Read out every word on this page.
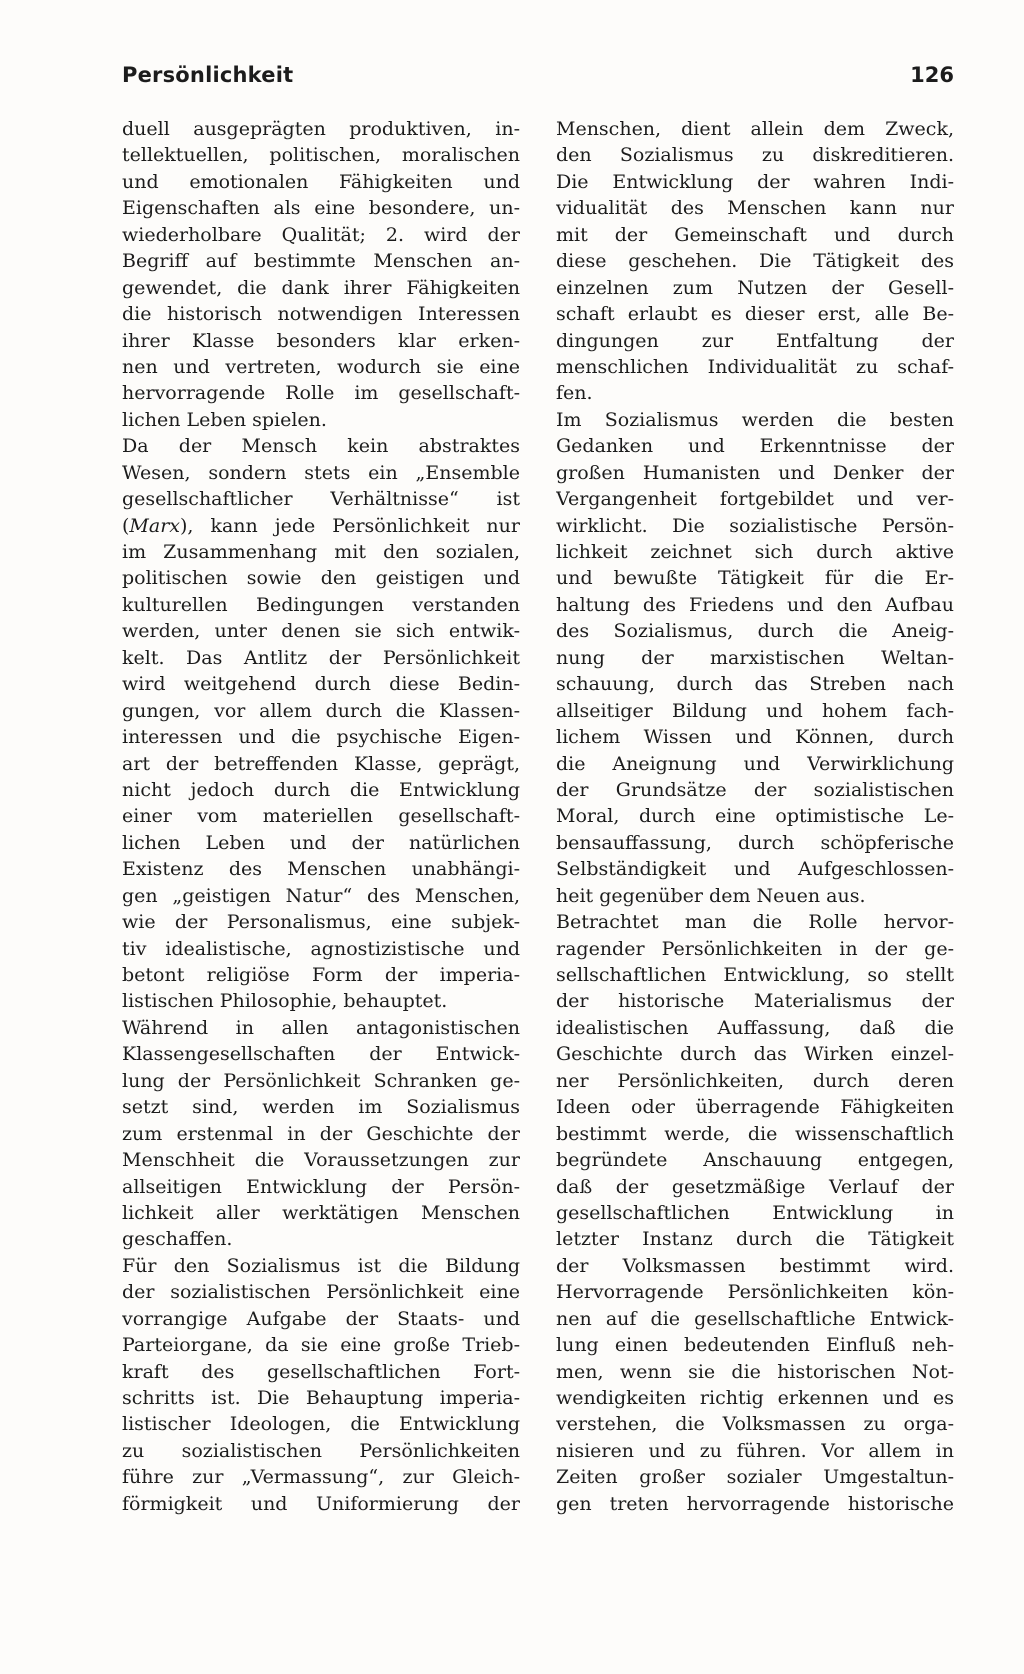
Persönlichkeit	126
duell ausgeprägten produktiven, in-
tellektuellen, politischen, moralischen
und emotionalen Fähigkeiten und
Eigenschaften als eine besondere, un-
wiederholbare Qualität; 2. wird der
Begriff auf bestimmte Menschen an-
gewendet, die dank ihrer Fähigkeiten
die historisch notwendigen Interessen
ihrer Klasse besonders klar erken-
nen und vertreten, wodurch sie eine
hervorragende Rolle im gesellschaft-
lichen Leben spielen.
Da der Mensch kein abstraktes
Wesen, sondern stets ein „Ensemble
gesellschaftlicher Verhältnisse“ ist
(Marx), kann jede Persönlichkeit nur
im Zusammenhang mit den sozialen,
politischen sowie den geistigen und
kulturellen Bedingungen verstanden
werden, unter denen sie sich entwik-
kelt. Das Antlitz der Persönlichkeit
wird weitgehend durch diese Bedin-
gungen, vor allem durch die Klassen-
interessen und die psychische Eigen-
art der betreffenden Klasse, geprägt,
nicht jedoch durch die Entwicklung
einer vom materiellen gesellschaft-
lichen Leben und der natürlichen
Existenz des Menschen unabhängi-
gen „geistigen Natur“ des Menschen,
wie der Personalismus, eine subjek-
tiv idealistische, agnostizistische und
betont religiöse Form der imperia-
listischen Philosophie, behauptet.
Während in allen antagonistischen
Klassengesellschaften der Entwick-
lung der Persönlichkeit Schranken ge-
setzt sind, werden im Sozialismus
zum erstenmal in der Geschichte der
Menschheit die Voraussetzungen zur
allseitigen Entwicklung der Persön-
lichkeit aller werktätigen Menschen
geschaffen.
Für den Sozialismus ist die Bildung
der sozialistischen Persönlichkeit eine
vorrangige Aufgabe der Staats- und
Parteiorgane, da sie eine große Trieb-
kraft des gesellschaftlichen Fort-
schritts ist. Die Behauptung imperia-
listischer Ideologen, die Entwicklung
zu sozialistischen Persönlichkeiten
führe zur „Vermassung“, zur Gleich-
förmigkeit und Uniformierung der
Menschen, dient allein dem Zweck,
den Sozialismus zu diskreditieren.
Die Entwicklung der wahren Indi-
vidualität des Menschen kann nur
mit der Gemeinschaft und durch
diese geschehen. Die Tätigkeit des
einzelnen zum Nutzen der Gesell-
schaft erlaubt es dieser erst, alle Be-
dingungen zur Entfaltung der
menschlichen Individualität zu schaf-
fen.
Im Sozialismus werden die besten
Gedanken und Erkenntnisse der
großen Humanisten und Denker der
Vergangenheit fortgebildet und ver-
wirklicht. Die sozialistische Persön-
lichkeit zeichnet sich durch aktive
und bewußte Tätigkeit für die Er-
haltung des Friedens und den Aufbau
des Sozialismus, durch die Aneig-
nung der marxistischen Weltan-
schauung, durch das Streben nach
allseitiger Bildung und hohem fach-
lichem Wissen und Können, durch
die Aneignung und Verwirklichung
der Grundsätze der sozialistischen
Moral, durch eine optimistische Le-
bensauffassung, durch schöpferische
Selbständigkeit und Aufgeschlossen-
heit gegenüber dem Neuen aus.
Betrachtet man die Rolle hervor-
ragender Persönlichkeiten in der ge-
sellschaftlichen Entwicklung, so stellt
der historische Materialismus der
idealistischen Auffassung, daß die
Geschichte durch das Wirken einzel-
ner Persönlichkeiten, durch deren
Ideen oder überragende Fähigkeiten
bestimmt werde, die wissenschaftlich
begründete Anschauung entgegen,
daß der gesetzmäßige Verlauf der
gesellschaftlichen Entwicklung in
letzter Instanz durch die Tätigkeit
der Volksmassen bestimmt wird.
Hervorragende Persönlichkeiten kön-
nen auf die gesellschaftliche Entwick-
lung einen bedeutenden Einfluß neh-
men, wenn sie die historischen Not-
wendigkeiten richtig erkennen und es
verstehen, die Volksmassen zu orga-
nisieren und zu führen. Vor allem in
Zeiten großer sozialer Umgestaltun-
gen treten hervorragende historische
